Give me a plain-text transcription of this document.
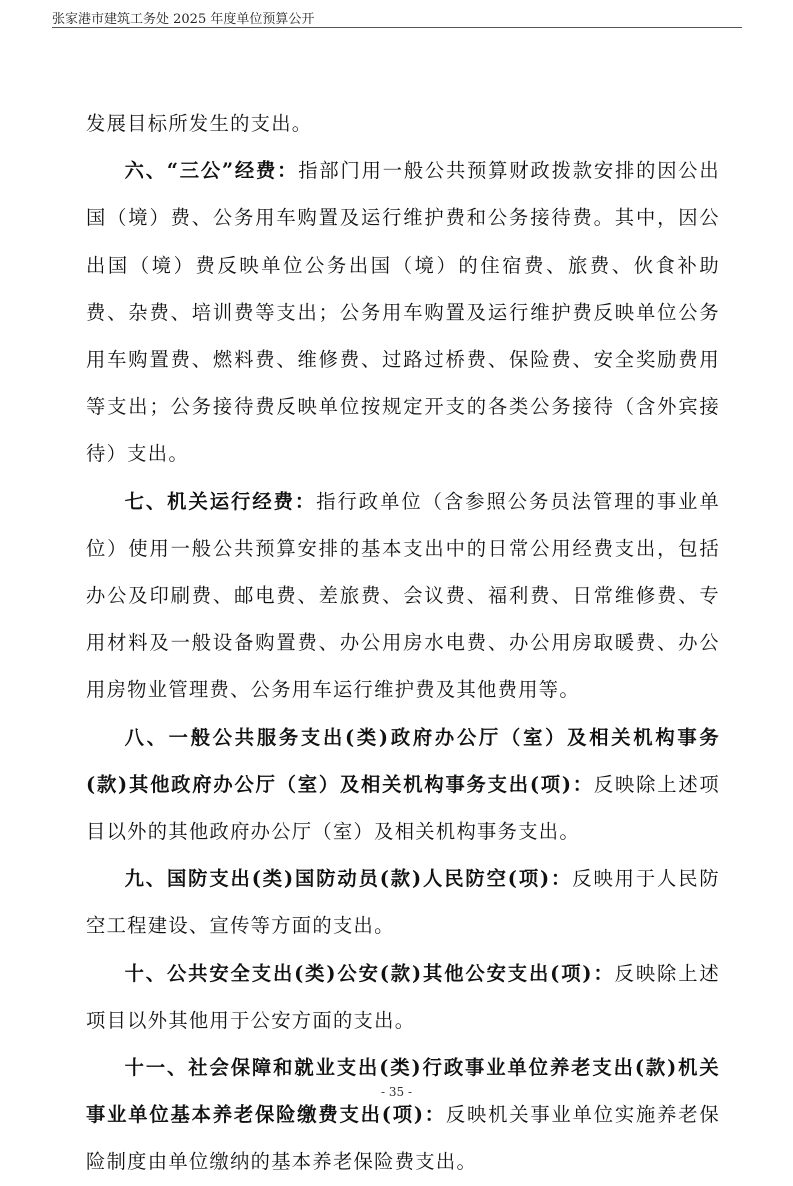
张家港市建筑工务处 2025 年度单位预算公开

发展目标所发生的支出。

六、“三公”经费：指部门用一般公共预算财政拨款安排的因公出国（境）费、公务用车购置及运行维护费和公务接待费。其中，因公出国（境）费反映单位公务出国（境）的住宿费、旅费、伙食补助费、杂费、培训费等支出；公务用车购置及运行维护费反映单位公务用车购置费、燃料费、维修费、过路过桥费、保险费、安全奖励费用等支出；公务接待费反映单位按规定开支的各类公务接待（含外宾接待）支出。

七、机关运行经费：指行政单位（含参照公务员法管理的事业单位）使用一般公共预算安排的基本支出中的日常公用经费支出，包括办公及印刷费、邮电费、差旅费、会议费、福利费、日常维修费、专用材料及一般设备购置费、办公用房水电费、办公用房取暖费、办公用房物业管理费、公务用车运行维护费及其他费用等。

八、一般公共服务支出(类)政府办公厅（室）及相关机构事务(款)其他政府办公厅（室）及相关机构事务支出(项)：反映除上述项目以外的其他政府办公厅（室）及相关机构事务支出。

九、国防支出(类)国防动员(款)人民防空(项)：反映用于人民防空工程建设、宣传等方面的支出。

十、公共安全支出(类)公安(款)其他公安支出(项)：反映除上述项目以外其他用于公安方面的支出。

十一、社会保障和就业支出(类)行政事业单位养老支出(款)机关事业单位基本养老保险缴费支出(项)：反映机关事业单位实施养老保险制度由单位缴纳的基本养老保险费支出。

- 35 -
